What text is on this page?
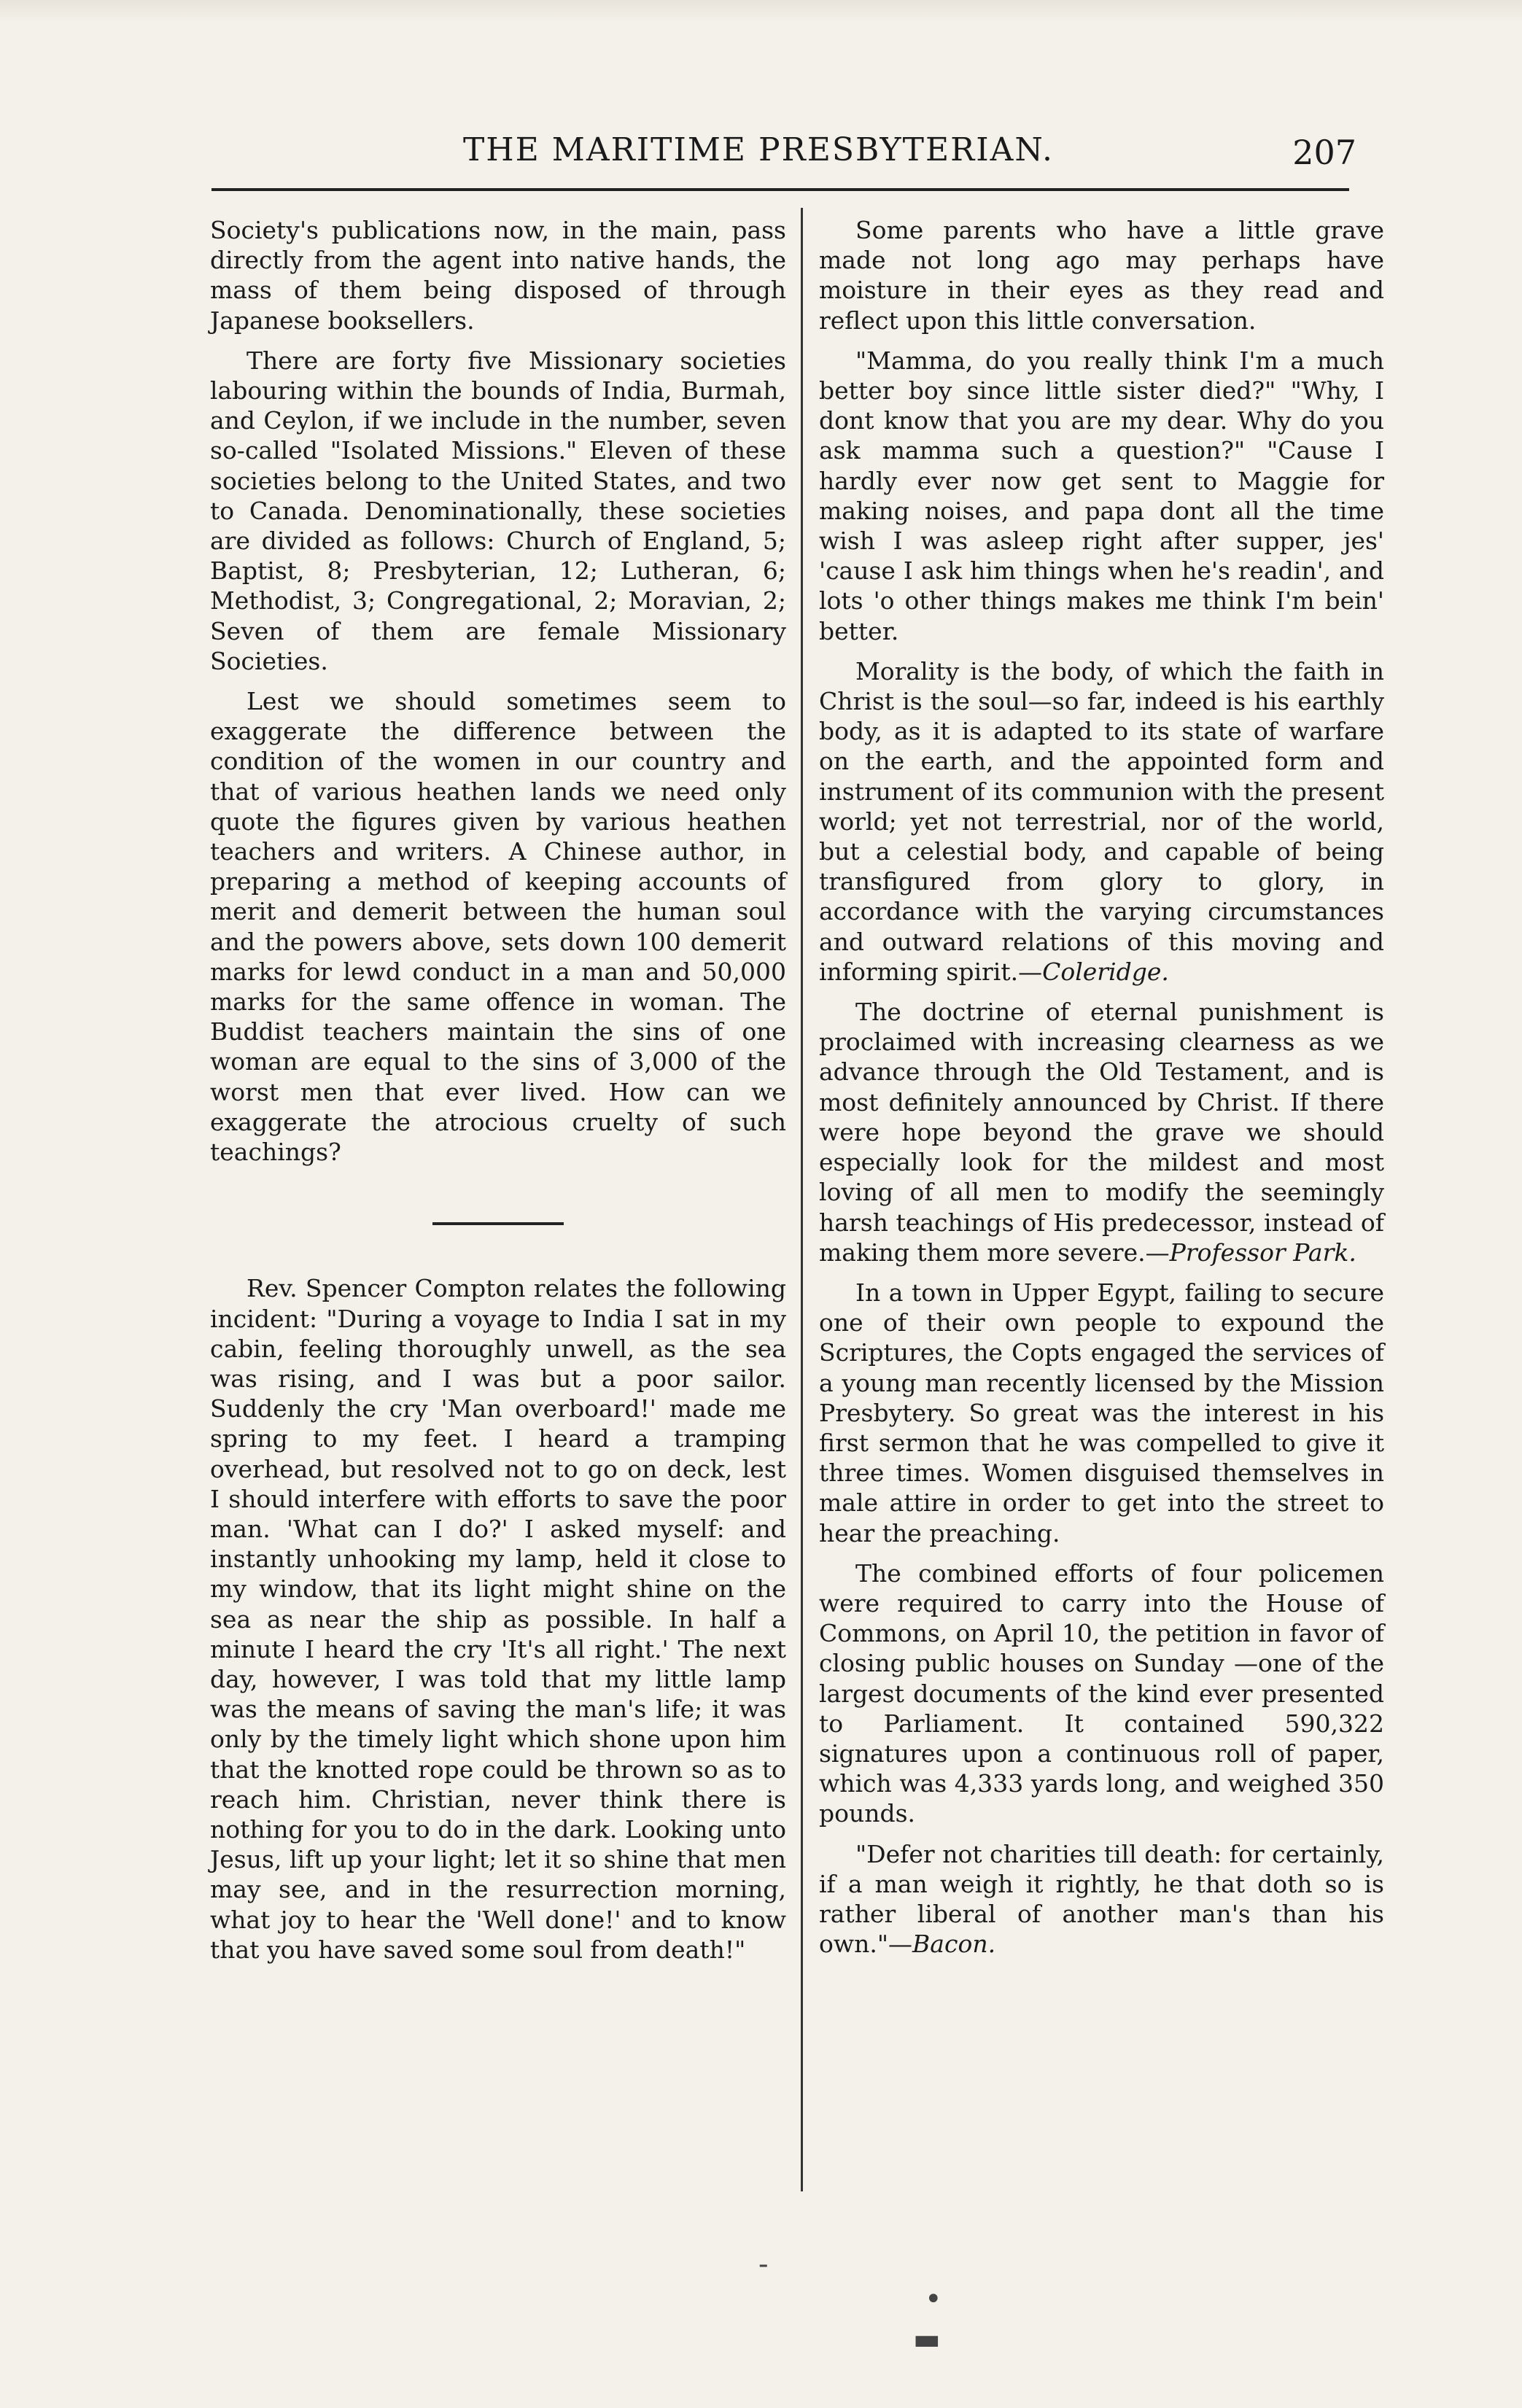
THE MARITIME PRESBYTERIAN.	207

Society's publications now, in the main, pass directly from the agent into native hands, the mass of them being disposed of through Japanese booksellers.

There are forty five Missionary societies labouring within the bounds of India, Burmah, and Ceylon, if we include in the number, seven so-called "Isolated Missions." Eleven of these societies belong to the United States, and two to Canada. Denominationally, these societies are divided as follows: Church of England, 5; Baptist, 8; Presbyterian, 12; Lutheran, 6; Methodist, 3; Congregational, 2; Moravian, 2; Seven of them are female Missionary Societies.

Lest we should sometimes seem to exaggerate the difference between the condition of the women in our country and that of various heathen lands we need only quote the figures given by various heathen teachers and writers. A Chinese author, in preparing a method of keeping accounts of merit and demerit between the human soul and the powers above, sets down 100 demerit marks for lewd conduct in a man and 50,000 marks for the same offence in woman. The Buddist teachers maintain the sins of one woman are equal to the sins of 3,000 of the worst men that ever lived. How can we exaggerate the atrocious cruelty of such teachings?

Rev. Spencer Compton relates the following incident: "During a voyage to India I sat in my cabin, feeling thoroughly unwell, as the sea was rising, and I was but a poor sailor. Suddenly the cry 'Man overboard!' made me spring to my feet. I heard a tramping overhead, but resolved not to go on deck, lest I should interfere with efforts to save the poor man. 'What can I do?' I asked myself: and instantly unhooking my lamp, held it close to my window, that its light might shine on the sea as near the ship as possible. In half a minute I heard the cry 'It's all right.' The next day, however, I was told that my little lamp was the means of saving the man's life; it was only by the timely light which shone upon him that the knotted rope could be thrown so as to reach him. Christian, never think there is nothing for you to do in the dark. Looking unto Jesus, lift up your light; let it so shine that men may see, and in the resurrection morning, what joy to hear the 'Well done!' and to know that you have saved some soul from death!"

Some parents who have a little grave made not long ago may perhaps have moisture in their eyes as they read and reflect upon this little conversation.

"Mamma, do you really think I'm a much better boy since little sister died?" "Why, I dont know that you are my dear. Why do you ask mamma such a question?" "Cause I hardly ever now get sent to Maggie for making noises, and papa dont all the time wish I was asleep right after supper, jes' 'cause I ask him things when he's readin', and lots 'o other things makes me think I'm bein' better.

Morality is the body, of which the faith in Christ is the soul—so far, indeed is his earthly body, as it is adapted to its state of warfare on the earth, and the appointed form and instrument of its communion with the present world; yet not terrestrial, nor of the world, but a celestial body, and capable of being transfigured from glory to glory, in accordance with the varying circumstances and outward relations of this moving and informing spirit.—Coleridge.

The doctrine of eternal punishment is proclaimed with increasing clearness as we advance through the Old Testament, and is most definitely announced by Christ. If there were hope beyond the grave we should especially look for the mildest and most loving of all men to modify the seemingly harsh teachings of His predecessor, instead of making them more severe.—Professor Park.

In a town in Upper Egypt, failing to secure one of their own people to expound the Scriptures, the Copts engaged the services of a young man recently licensed by the Mission Presbytery. So great was the interest in his first sermon that he was compelled to give it three times. Women disguised themselves in male attire in order to get into the street to hear the preaching.

The combined efforts of four policemen were required to carry into the House of Commons, on April 10, the petition in favor of closing public houses on Sunday —one of the largest documents of the kind ever presented to Parliament. It contained 590,322 signatures upon a continuous roll of paper, which was 4,333 yards long, and weighed 350 pounds.

"Defer not charities till death: for certainly, if a man weigh it rightly, he that doth so is rather liberal of another man's than his own."—Bacon.

-
•
▬
